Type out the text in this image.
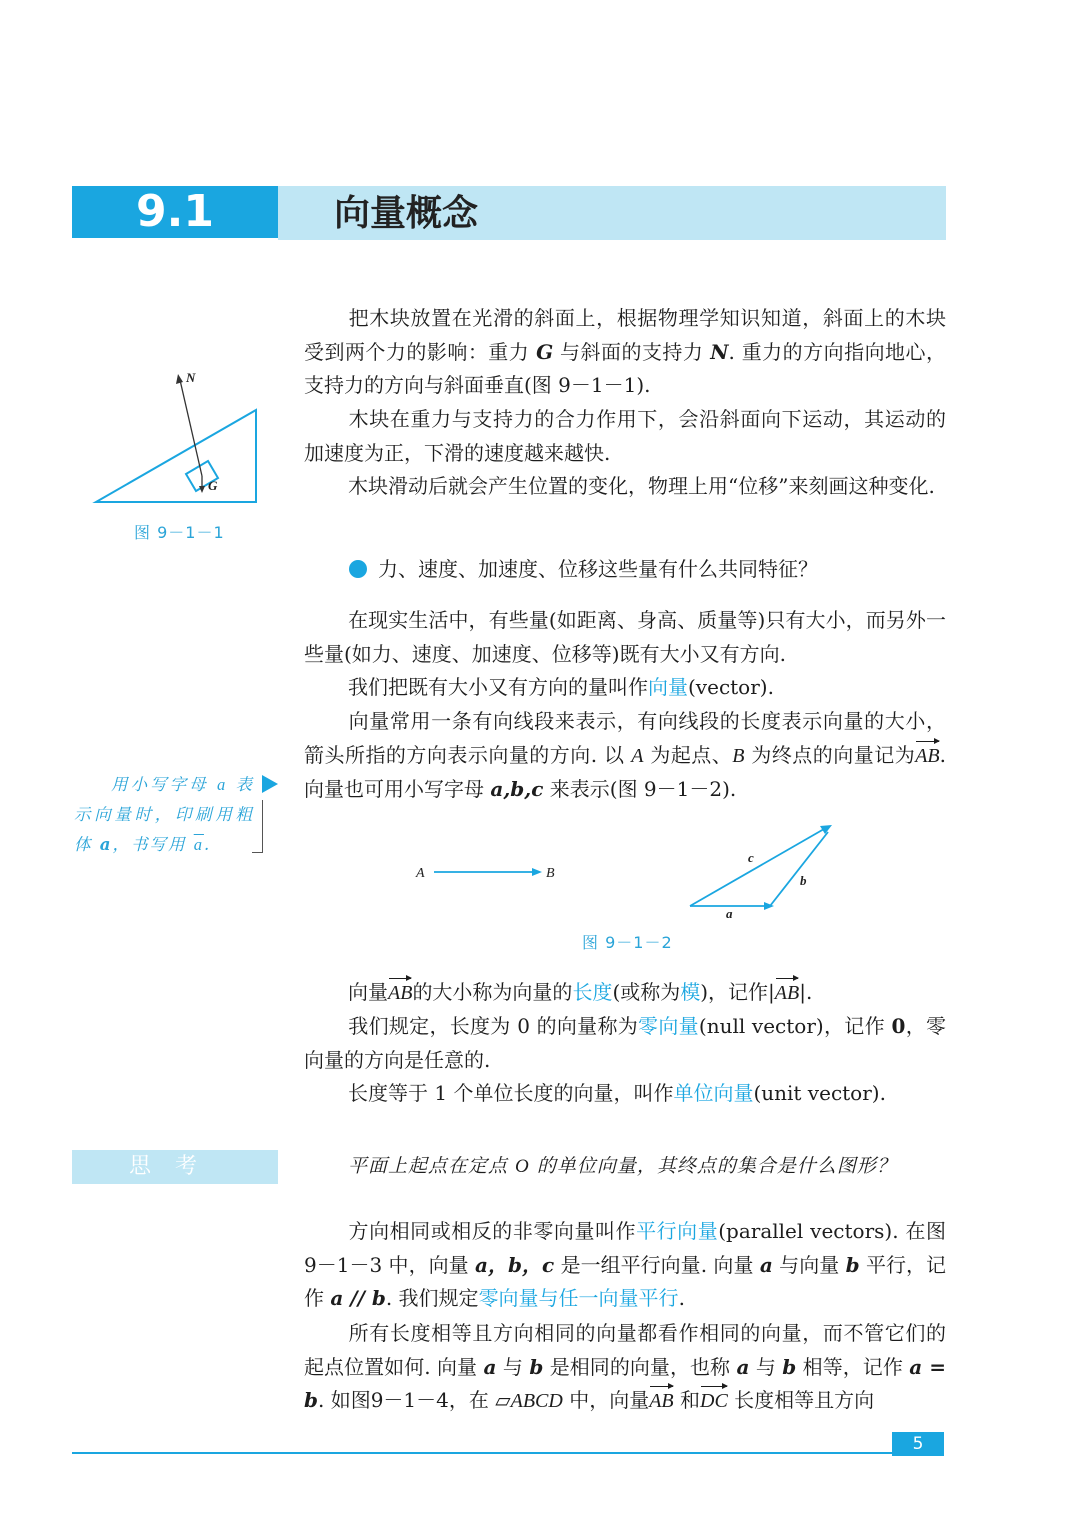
9.1	向量概念
N
G
图 9－1－1

把木块放置在光滑的斜面上，根据物理学知识知道，斜面上的木块受到两个力的影响：重力 G 与斜面的支持力 N. 重力的方向指向地心，支持力的方向与斜面垂直(图 9－1－1).

木块在重力与支持力的合力作用下，会沿斜面向下运动，其运动的加速度为正，下滑的速度越来越快.

木块滑动后就会产生位置的变化，物理上用“位移”来刻画这种变化.

力、速度、加速度、位移这些量有什么共同特征？

在现实生活中，有些量(如距离、身高、质量等)只有大小，而另外一些量(如力、速度、加速度、位移等)既有大小又有方向.

我们把既有大小又有方向的量叫作向量(vector).

向量常用一条有向线段来表示，有向线段的长度表示向量的大小，箭头所指的方向表示向量的方向. 以 A 为起点、B 为终点的向量记为AB. 向量也可用小写字母 a,b,c 来表示(图 9－1－2).

用小写字母 a 表示向量时，印刷用粗体 a，书写用 $\overline{a}$.
A	B
a
b
c
图 9－1－2

向量AB的大小称为向量的长度(或称为模)，记作|AB|.

我们规定，长度为 0 的向量称为零向量(null vector)，记作 0，零向量的方向是任意的.

长度等于 1 个单位长度的向量，叫作单位向量(unit vector).

思考	平面上起点在定点 O 的单位向量，其终点的集合是什么图形？

方向相同或相反的非零向量叫作平行向量(parallel vectors). 在图 9－1－3 中，向量 a，b，c 是一组平行向量. 向量 a 与向量 b 平行，记作 a // b. 我们规定零向量与任一向量平行.

所有长度相等且方向相同的向量都看作相同的向量，而不管它们的起点位置如何. 向量 a 与 b 是相同的向量，也称 a 与 b 相等，记作 a = b. 如图9－1－4，在 ▱ABCD 中，向量AB 和DC 长度相等且方向

5
